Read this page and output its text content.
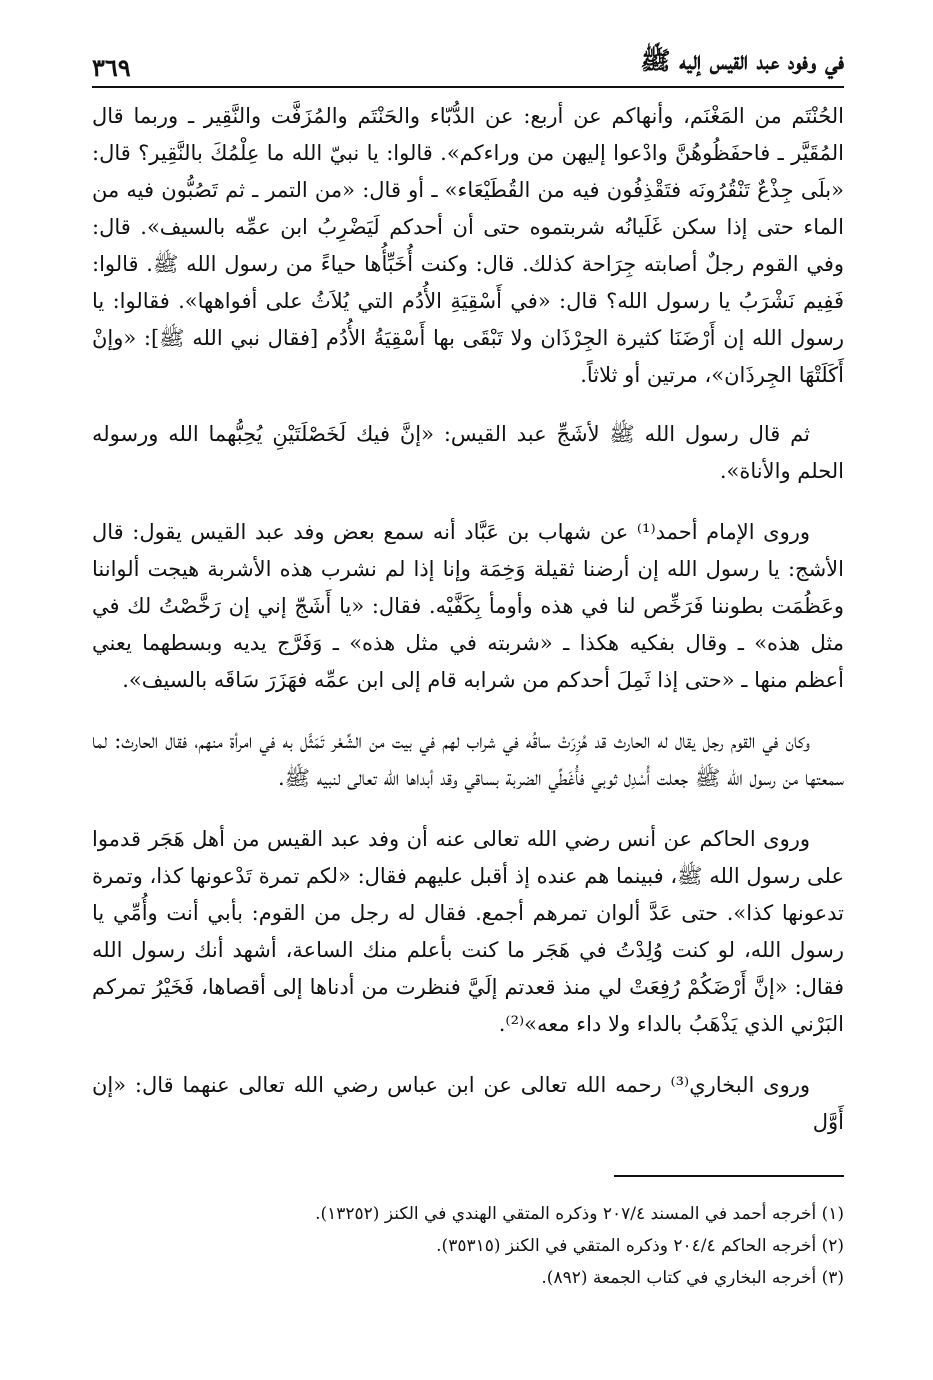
في وفود عبد القيس إليه ﷺ
٣٦٩

الحُنْتَم من المَغْنَم، وأنهاكم عن أربع: عن الدُّبّاء والحَنْتَم والمُزَفَّت والنَّقِير ـ وربما قال المُقَيَّر ـ فاحفَظُوهُنَّ وادْعوا إليهن من وراءكم». قالوا: يا نبيّ الله ما عِلْمُكَ بالنَّقِير؟ قال: «بلَى جِذْعٌ تَنْقُرُونَه فتَقْذِفُون فيه من القُطَيْعَاء» ـ أو قال: «من التمر ـ ثم تَصُبُّون فيه من الماء حتى إذا سكن غَلَيانُه شربتموه حتى أن أحدكم لَيَضْرِبُ ابن عمِّه بالسيف». قال: وفي القوم رجلٌ أصابته جِرَاحة كذلك. قال: وكنت أُخَبِّأُها حياءً من رسول الله ﷺ. قالوا: فَفِيم نَشْرَبُ يا رسول الله؟ قال: «في أَسْقِيَةِ الأُدُم التي يُلاَثُ على أفواهها». فقالوا: يا رسول الله إن أَرْضَنَا كثيرة الجِرْذَان ولا تَبْقَى بها أَسْقِيَةُ الأُدُم [فقال نبي الله ﷺ]: «وإنْ أَكَلَتْهَا الجِرذَان»، مرتين أو ثلاثاً.

ثم قال رسول الله ﷺ لأشَجِّ عبد القيس: «إنَّ فيك لَخَصْلَتَيْنِ يُحِبُّهما الله ورسوله الحلم والأناة».

وروى الإمام أحمد⁽¹⁾ عن شهاب بن عَبَّاد أنه سمع بعض وفد عبد القيس يقول: قال الأشج: يا رسول الله إن أرضنا ثقيلة وَخِمَة وإنا إذا لم نشرب هذه الأشربة هيجت ألواننا وعَظُمَت بطوننا فَرَخِّص لنا في هذه وأومأ بِكَفَّيْه. فقال: «يا أَشَجّ إني إن رَخَّصْتُ لك في مثل هذه» ـ وقال بفكيه هكذا ـ «شربته في مثل هذه» ـ وَفَرَّج يديه وبسطهما يعني أعظم منها ـ «حتى إذا ثَمِلَ أحدكم من شرابه قام إلى ابن عمِّه فهَزَرَ سَاقَه بالسيف».

وكان في القوم رجل يقال له الحارث قد هُزِرَتْ ساقُه في شراب لهم في بيت من الشِّعْر تَمَثَّل به في امرأة منهم، فقال الحارث: لما سمعتها من رسول الله ﷺ جعلت أُسْدِل ثوبي فأُغَطِّي الضربة بساقي وقد أبداها الله تعالى لنبيه ﷺ.

وروى الحاكم عن أنس رضي الله تعالى عنه أن وفد عبد القيس من أهل هَجَر قدموا على رسول الله ﷺ، فبينما هم عنده إذ أقبل عليهم فقال: «لكم تمرة تَدْعونها كذا، وتمرة تدعونها كذا». حتى عَدَّ ألوان تمرهم أجمع. فقال له رجل من القوم: بأبي أنت وأُمِّي يا رسول الله، لو كنت وُلِدْتُ في هَجَر ما كنت بأعلم منك الساعة، أشهد أنك رسول الله فقال: «إنَّ أَرْضَكُمْ رُفِعَتْ لي منذ قعدتم إلَيَّ فنظرت من أدناها إلى أقصاها، فَخَيْرُ تمركم البَرْني الذي يَذْهَبُ بالداء ولا داء معه»⁽²⁾.

وروى البخاري⁽³⁾ رحمه الله تعالى عن ابن عباس رضي الله تعالى عنهما قال: «إن أَوَّل

(١) أخرجه أحمد في المسند ٢٠٧/٤ وذكره المتقي الهندي في الكنز (١٣٢٥٢).

(٢) أخرجه الحاكم ٢٠٤/٤ وذكره المتقي في الكنز (٣٥٣١٥).

(٣) أخرجه البخاري في كتاب الجمعة (٨٩٢).
